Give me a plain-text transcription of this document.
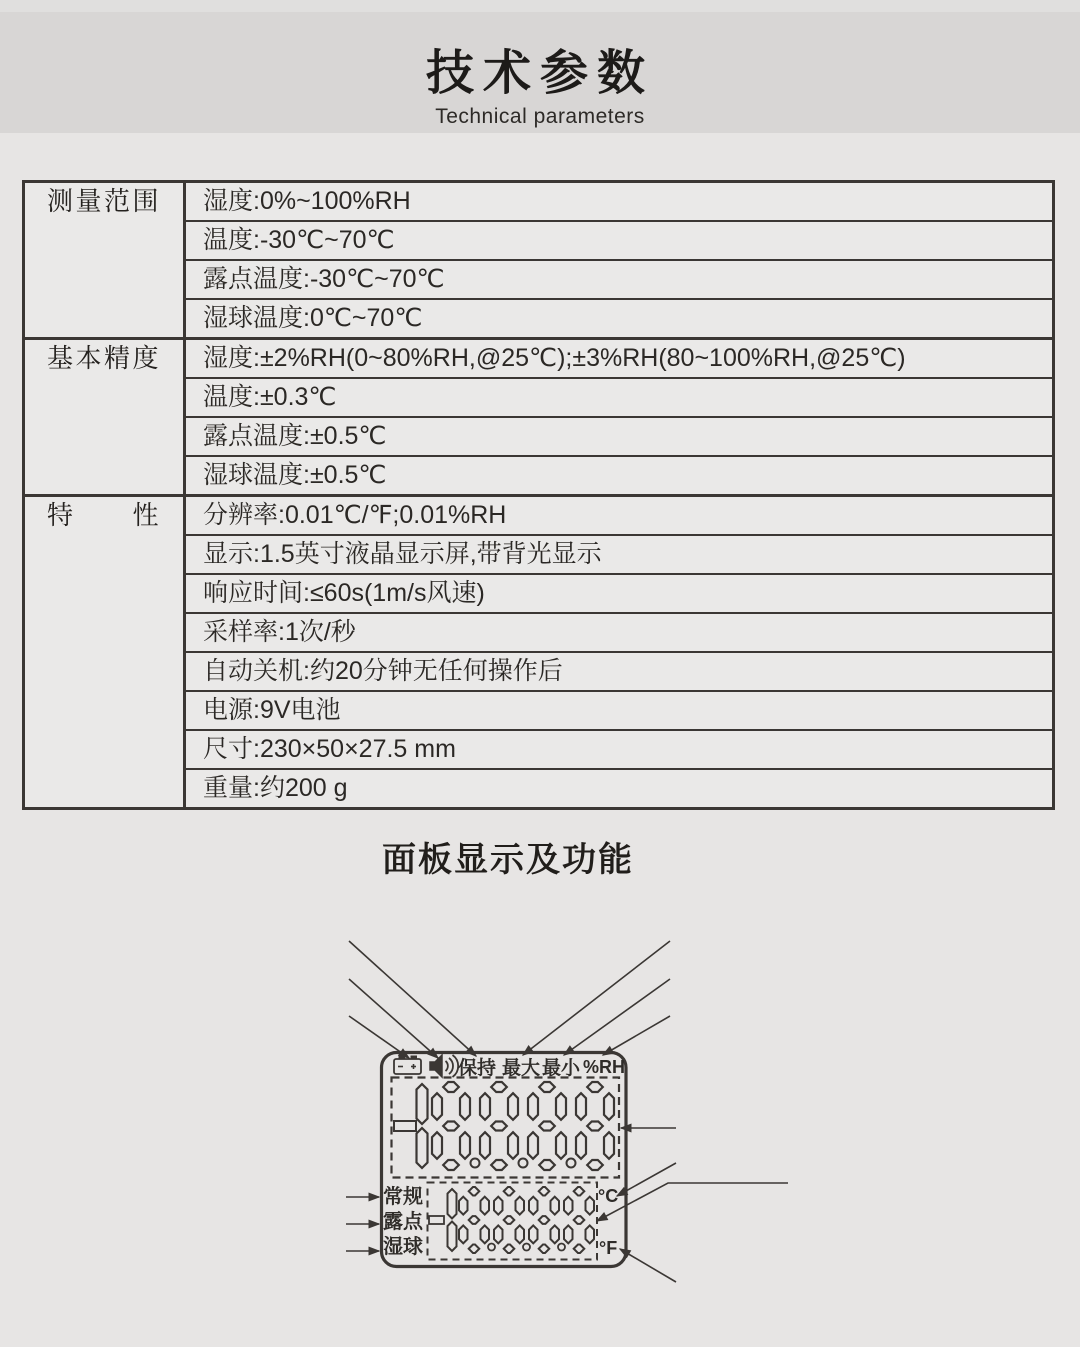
技术参数
Technical parameters
测量范围	湿度:0%~100%RH
温度:-30℃~70℃
露点温度:-30℃~70℃
湿球温度:0℃~70℃
基本精度	湿度:±2%RH(0~80%RH,@25℃);±3%RH(80~100%RH,@25℃)
温度:±0.3℃
露点温度:±0.5℃
湿球温度:±0.5℃
特　　性	分辨率:0.01℃/℉;0.01%RH
显示:1.5英寸液晶显示屏,带背光显示
响应时间:≤60s(1m/s风速)
采样率:1次/秒
自动关机:约20分钟无任何操作后
电源:9V电池
尺寸:230×50×27.5 mm
重量:约200 g
面板显示及功能
保持 最大 最小 %RH
常规
露点
湿球
°C
°F
